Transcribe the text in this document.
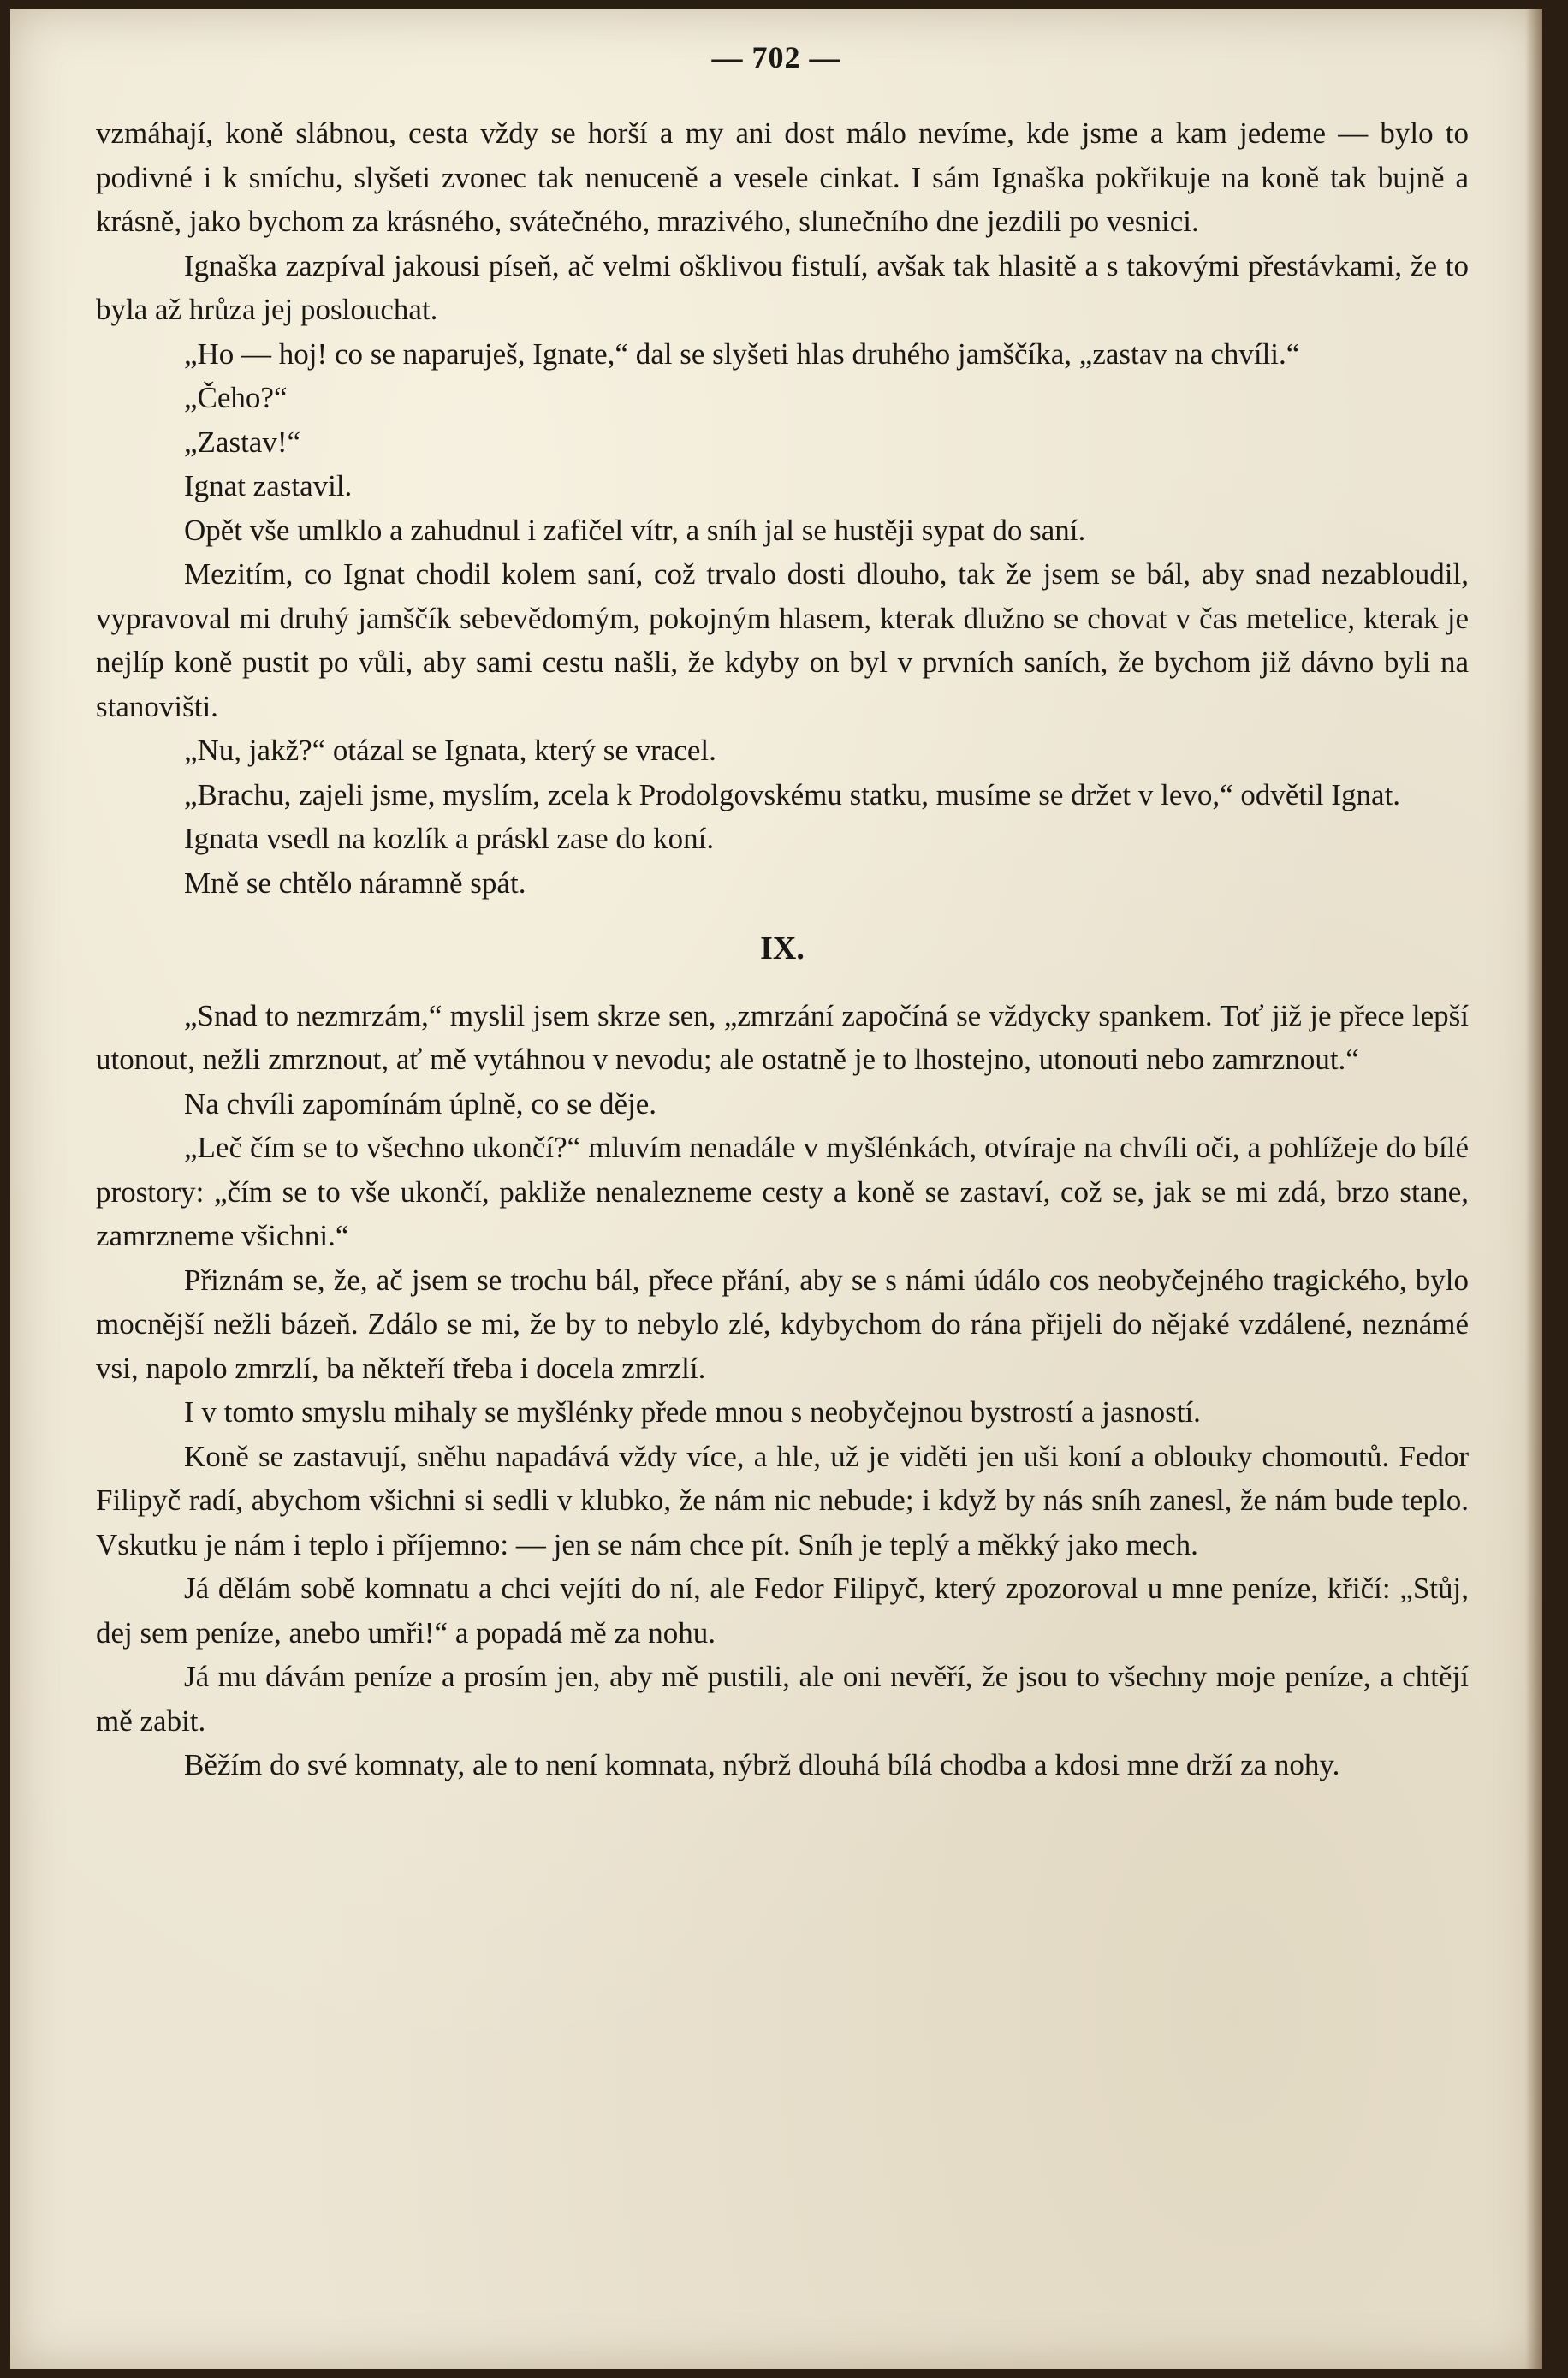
— 702 —

vzmáhají, koně slábnou, cesta vždy se horší a my ani dost málo nevíme, kde jsme a kam jedeme — bylo to podivné i k smíchu, slyšeti zvonec tak nenuceně a vesele cinkat. I sám Ignaška pokřikuje na koně tak bujně a krásně, jako bychom za krásného, svátečného, mrazivého, slunečního dne jezdili po vesnici.

Ignaška zazpíval jakousi píseň, ač velmi ošklivou fistulí, avšak tak hlasitě a s takovými přestávkami, že to byla až hrůza jej poslouchat.

„Ho — hoj! co se naparuješ, Ignate,“ dal se slyšeti hlas druhého jamščíka, „zastav na chvíli.“

„Čeho?“

„Zastav!“

Ignat zastavil.

Opět vše umlklo a zahudnul i zafičel vítr, a sníh jal se hustěji sypat do saní.

Mezitím, co Ignat chodil kolem saní, což trvalo dosti dlouho, tak že jsem se bál, aby snad nezabloudil, vypravoval mi druhý jamščík sebevědomým, pokojným hlasem, kterak dlužno se chovat v čas metelice, kterak je nejlíp koně pustit po vůli, aby sami cestu našli, že kdyby on byl v prvních saních, že bychom již dávno byli na stanovišti.

„Nu, jakž?“ otázal se Ignata, který se vracel.

„Brachu, zajeli jsme, myslím, zcela k Prodolgovskému statku, musíme se držet v levo,“ odvětil Ignat.

Ignata vsedl na kozlík a práskl zase do koní.

Mně se chtělo náramně spát.

IX.

„Snad to nezmrzám,“ myslil jsem skrze sen, „zmrzání započíná se vždycky spankem. Toť již je přece lepší utonout, nežli zmrznout, ať mě vytáhnou v nevodu; ale ostatně je to lhostejno, utonouti nebo zamrznout.“

Na chvíli zapomínám úplně, co se děje.

„Leč čím se to všechno ukončí?“ mluvím nenadále v myšlénkách, otvíraje na chvíli oči, a pohlížeje do bílé prostory: „čím se to vše ukončí, pakliže nenalezneme cesty a koně se zastaví, což se, jak se mi zdá, brzo stane, zamrzneme všichni.“

Přiznám se, že, ač jsem se trochu bál, přece přání, aby se s námi údálo cos neobyčejného tragického, bylo mocnější nežli bázeň. Zdálo se mi, že by to nebylo zlé, kdybychom do rána přijeli do nějaké vzdálené, neznámé vsi, napolo zmrzlí, ba někteří třeba i docela zmrzlí.

I v tomto smyslu mihaly se myšlénky přede mnou s neobyčejnou bystrostí a jasností.

Koně se zastavují, sněhu napadává vždy více, a hle, už je viděti jen uši koní a oblouky chomoutů. Fedor Filipyč radí, abychom všichni si sedli v klubko, že nám nic nebude; i když by nás sníh zanesl, že nám bude teplo. Vskutku je nám i teplo i příjemno: — jen se nám chce pít. Sníh je teplý a měkký jako mech.

Já dělám sobě komnatu a chci vejíti do ní, ale Fedor Filipyč, který zpozoroval u mne peníze, křičí: „Stůj, dej sem peníze, anebo umři!“ a popadá mě za nohu.

Já mu dávám peníze a prosím jen, aby mě pustili, ale oni nevěří, že jsou to všechny moje peníze, a chtějí mě zabit.

Běžím do své komnaty, ale to není komnata, nýbrž dlouhá bílá chodba a kdosi mne drží za nohy.
